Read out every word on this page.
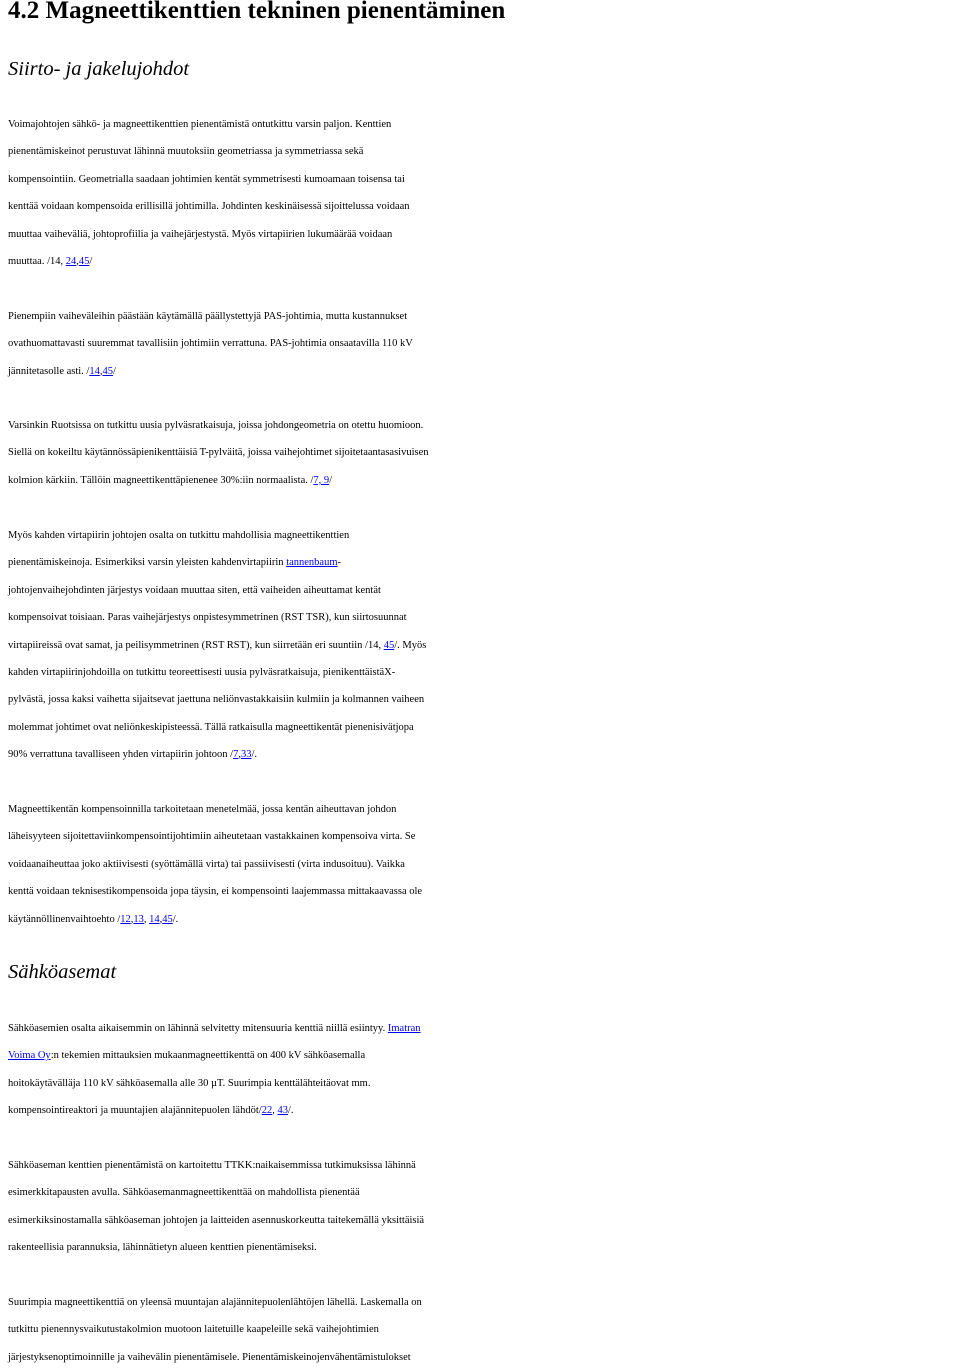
4.2 Magneettikenttien tekninen pienentäminen
Siirto- ja jakelujohdot
Voimajohtojen sähkö- ja magneettikenttien pienentämistä ontutkittu varsin paljon. Kenttien
pienentämiskeinot perustuvat lähinnä muutoksiin geometriassa ja symmetriassa sekä
kompensointiin. Geometrialla saadaan johtimien kentät symmetrisesti kumoamaan toisensa tai
kenttää voidaan kompensoida erillisillä johtimilla. Johdinten keskinäisessä sijoittelussa voidaan
muuttaa vaiheväliä, johtoprofiilia ja vaihejärjestystä. Myös virtapiirien lukumäärää voidaan
muuttaa. /14, 24,45/
Pienempiin vaiheväleihin päästään käytämällä päällystettyjä PAS-johtimia, mutta kustannukset
ovathuomattavasti suuremmat tavallisiin johtimiin verrattuna. PAS-johtimia onsaatavilla 110 kV
jännitetasolle asti. /14,45/
Varsinkin Ruotsissa on tutkittu uusia pylväsratkaisuja, joissa johdongeometria on otettu huomioon.
Siellä on kokeiltu käytännössäpienikenttäisiä T-pylväitä, joissa vaihejohtimet sijoitetaantasasivuisen
kolmion kärkiin. Tällöin magneettikenttäpienenee 30%:iin normaalista. /7, 9/
Myös kahden virtapiirin johtojen osalta on tutkittu mahdollisia magneettikenttien
pienentämiskeinoja. Esimerkiksi varsin yleisten kahdenvirtapiirin tannenbaum-
johtojenvaihejohdinten järjestys voidaan muuttaa siten, että vaiheiden aiheuttamat kentät
kompensoivat toisiaan. Paras vaihejärjestys onpistesymmetrinen (RST TSR), kun siirtosuunnat
virtapiireissä ovat samat, ja peilisymmetrinen (RST RST), kun siirretään eri suuntiin /14, 45/. Myös
kahden virtapiirinjohdoilla on tutkittu teoreettisesti uusia pylväsratkaisuja, pienikenttäistäX-
pylvästä, jossa kaksi vaihetta sijaitsevat jaettuna neliönvastakkaisiin kulmiin ja kolmannen vaiheen
molemmat johtimet ovat neliönkeskipisteessä. Tällä ratkaisulla magneettikentät pienenisivätjopa
90% verrattuna tavalliseen yhden virtapiirin johtoon /7,33/.
Magneettikentän kompensoinnilla tarkoitetaan menetelmää, jossa kentän aiheuttavan johdon
läheisyyteen sijoitettaviinkompensointijohtimiin aiheutetaan vastakkainen kompensoiva virta. Se
voidaanaiheuttaa joko aktiivisesti (syöttämällä virta) tai passiivisesti (virta indusoituu). Vaikka
kenttä voidaan teknisestikompensoida jopa täysin, ei kompensointi laajemmassa mittakaavassa ole
käytännöllinenvaihtoehto /12,13, 14,45/.
Sähköasemat
Sähköasemien osalta aikaisemmin on lähinnä selvitetty mitensuuria kenttiä niillä esiintyy. Imatran
Voima Oy:n tekemien mittauksien mukaanmagneettikenttä on 400 kV sähköasemalla
hoitokäytävälläja 110 kV sähköasemalla alle 30 µT. Suurimpia kenttälähteitäovat mm.
kompensointireaktori ja muuntajien alajännitepuolen lähdöt/22, 43/.
Sähköaseman kenttien pienentämistä on kartoitettu TTKK:naikaisemmissa tutkimuksissa lähinnä
esimerkkitapausten avulla. Sähköasemanmagneettikenttää on mahdollista pienentää
esimerkiksinostamalla sähköaseman johtojen ja laitteiden asennuskorkeutta taitekemällä yksittäisiä
rakenteellisia parannuksia, lähinnätietyn alueen kenttien pienentämiseksi.
Suurimpia magneettikenttiä on yleensä muuntajan alajännitepuolenlähtöjen lähellä. Laskemalla on
tutkittu pienennysvaikutustakolmion muotoon laitetuille kaapeleille sekä vaihejohtimien
järjestyksenoptimoinnille ja vaihevälin pienentämisele. Pienentämiskeinojenvähentämistulokset
